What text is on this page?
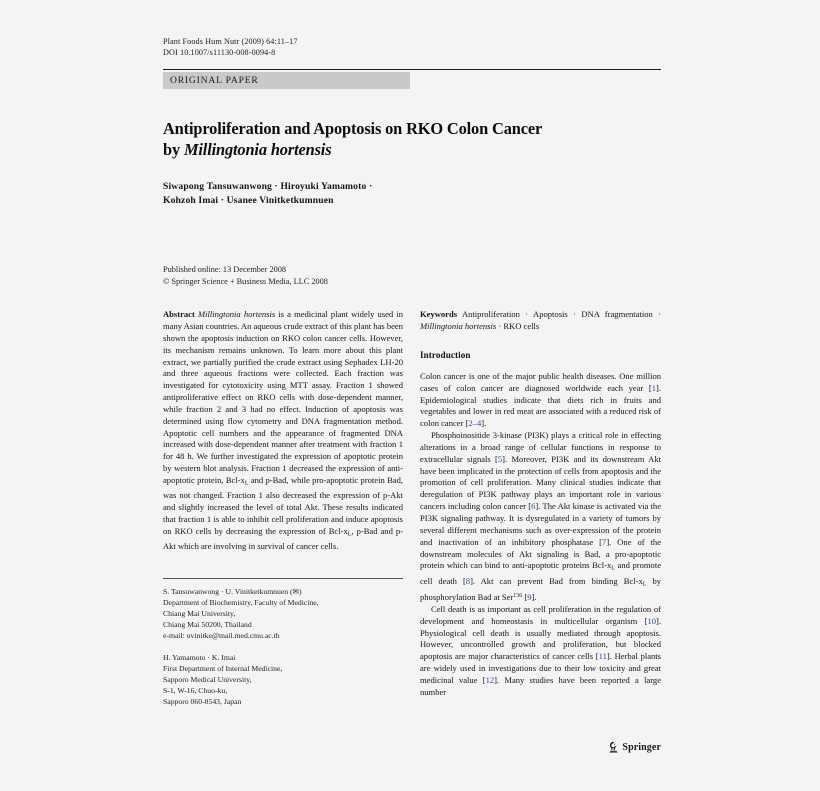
Plant Foods Hum Nutr (2009) 64:11–17
DOI 10.1007/s11130-008-0094-8
ORIGINAL PAPER
Antiproliferation and Apoptosis on RKO Colon Cancer
by Millingtonia hortensis
Siwapong Tansuwanwong · Hiroyuki Yamamoto ·
Kohzoh Imai · Usanee Vinitketkumnuen
Published online: 13 December 2008
© Springer Science + Business Media, LLC 2008

Abstract Millingtonia hortensis is a medicinal plant widely used in many Asian countries. An aqueous crude extract of this plant has been shown the apoptosis induction on RKO colon cancer cells. However, its mechanism remains unknown. To learn more about this plant extract, we partially purified the crude extract using Sephadex LH-20 and three aqueous fractions were collected. Each fraction was investigated for cytotoxicity using MTT assay. Fraction 1 showed antiproliferative effect on RKO cells with dose-dependent manner, while fraction 2 and 3 had no effect. Induction of apoptosis was determined using flow cytometry and DNA fragmentation method. Apoptotic cell numbers and the appearance of fragmented DNA increased with dose-dependent manner after treatment with fraction 1 for 48 h. We further investigated the expression of apoptotic protein by western blot analysis. Fraction 1 decreased the expression of anti-apoptotic protein, Bcl-$x_L$ and p-Bad, while pro-apoptotic protein Bad, was not changed. Fraction 1 also decreased the expression of p-Akt and slightly increased the level of total Akt. These results indicated that fraction 1 is able to inhibit cell proliferation and induce apoptosis on RKO cells by decreasing the expression of Bcl-$x_L$, p-Bad and p-Akt which are involving in survival of cancer cells.

S. Tansuwanwong · U. Vinitketkumnuen (✉)
Department of Biochemistry, Faculty of Medicine,
Chiang Mai University,
Chiang Mai 50200, Thailand
e-mail: uvinitke@mail.med.cmu.ac.th
H. Yamamoto · K. Imai
First Department of Internal Medicine,
Sapporo Medical University,
S-1, W-16, Chuo-ku,
Sapporo 060-8543, Japan

Keywords Antiproliferation · Apoptosis · DNA fragmentation · Millingtonia hortensis · RKO cells

Introduction

Colon cancer is one of the major public health diseases. One million cases of colon cancer are diagnosed worldwide each year [1]. Epidemiological studies indicate that diets rich in fruits and vegetables and lower in red meat are associated with a reduced risk of colon cancer [2–4].

Phosphoinositide 3-kinase (PI3K) plays a critical role in effecting alterations in a broad range of cellular functions in response to extracellular signals [5]. Moreover, PI3K and its downstream Akt have been implicated in the protection of cells from apoptosis and the promotion of cell proliferation. Many clinical studies indicate that deregulation of PI3K pathway plays an important role in various cancers including colon cancer [6]. The Akt kinase is activated via the PI3K signaling pathway. It is dysregulated in a variety of tumors by several different mechanisms such as over-expression of the protein and inactivation of an inhibitory phosphatase [7]. One of the downstream molecules of Akt signaling is Bad, a pro-apoptotic protein which can bind to anti-apoptotic proteins Bcl-$x_L$ and promote cell death [8]. Akt can prevent Bad from binding Bcl-$x_L$ by phosphorylation Bad at Ser$^{136}$ [9].

Cell death is as important as cell proliferation in the regulation of development and homeostasis in multicellular organism [10]. Physiological cell death is usually mediated through apoptosis. However, uncontrolled growth and proliferation, but blocked apoptosis are major characteristics of cancer cells [11]. Herbal plants are widely used in investigations due to their low toxicity and great medicinal value [12]. Many studies have been reported a large number

Springer
